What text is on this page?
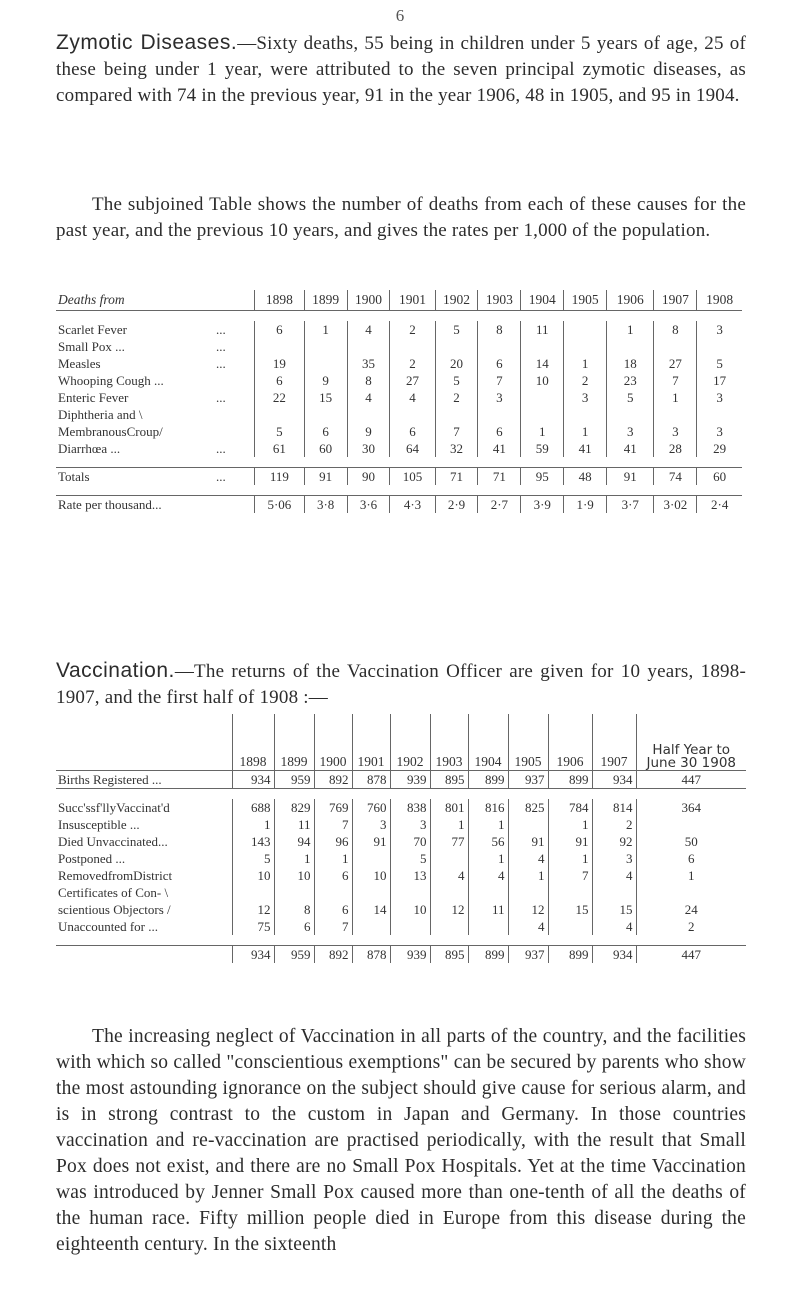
6

Zymotic Diseases.—Sixty deaths, 55 being in children under 5 years of age, 25 of these being under 1 year, were attributed to the seven principal zymotic diseases, as compared with 74 in the previous year, 91 in the year 1906, 48 in 1905, and 95 in 1904.

The subjoined Table shows the number of deaths from each of these causes for the past year, and the previous 10 years, and gives the rates per 1,000 of the population.

Deaths from		1898	1899	1900	1901	1902	1903	1904	1905	1906	1907	1908

Scarlet Fever	...	6	1	4	2	5	8	11		1	8	3
Small Pox ...	...											
Measles	...	19		35	2	20	6	14	1	18	27	5
Whooping Cough ...		6	9	8	27	5	7	10	2	23	7	17
Enteric Fever	...	22	15	4	4	2	3		3	5	1	3
Diphtheria and \												
MembranousCroup/		5	6	9	6	7	6	1	1	3	3	3
Diarrhœa ...	...	61	60	30	64	32	41	59	41	41	28	29

Totals	...	119	91	90	105	71	71	95	48	91	74	60

Rate per thousand...		5·06	3·8	3·6	4·3	2·9	2·7	3·9	1·9	3·7	3·02	2·4

Vaccination.—The returns of the Vaccination Officer are given for 10 years, 1898-1907, and the first half of 1908 :—

	1898	1899	1900	1901	1902	1903	1904	1905	1906	1907	Half Year to June 30 1908
Births Registered ...	934	959	892	878	939	895	899	937	899	934	447

Succ'ssf'llyVaccinat'd	688	829	769	760	838	801	816	825	784	814	364
Insusceptible ...	1	11	7	3	3	1	1		1	2	
Died Unvaccinated...	143	94	96	91	70	77	56	91	91	92	50
Postponed ...	5	1	1		5		1	4	1	3	6
RemovedfromDistrict	10	10	6	10	13	4	4	1	7	4	1
Certificates of Con- \											
scientious Objectors /	12	8	6	14	10	12	11	12	15	15	24
Unaccounted for ...	75	6	7					4		4	2

	934	959	892	878	939	895	899	937	899	934	447

The increasing neglect of Vaccination in all parts of the country, and the facilities with which so called "conscientious exemptions" can be secured by parents who show the most astounding ignorance on the subject should give cause for serious alarm, and is in strong contrast to the custom in Japan and Germany. In those countries vaccination and re-vaccination are practised periodically, with the result that Small Pox does not exist, and there are no Small Pox Hospitals. Yet at the time Vaccination was introduced by Jenner Small Pox caused more than one-tenth of all the deaths of the human race. Fifty million people died in Europe from this disease during the eighteenth century. In the sixteenth
